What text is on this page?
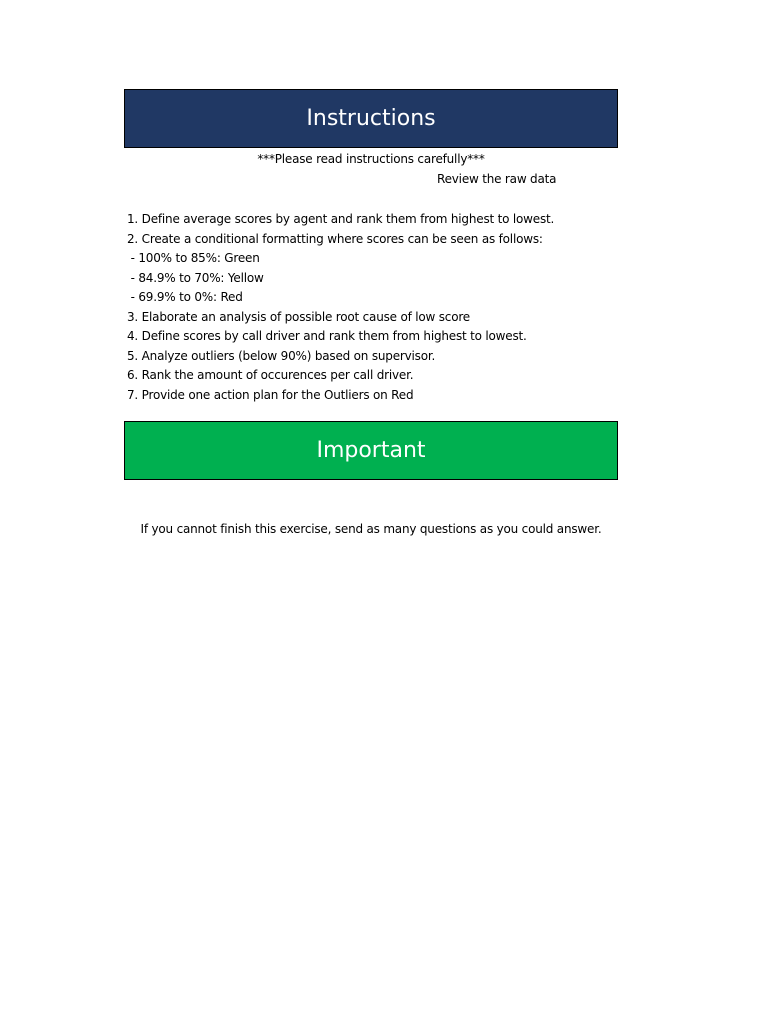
Instructions
***Please read instructions carefully***
Review the raw data
1. Define average scores by agent and rank them from highest to lowest.
2. Create a conditional formatting where scores can be seen as follows:
- 100% to 85%: Green
- 84.9% to 70%: Yellow
- 69.9% to 0%: Red
3. Elaborate an analysis of possible root cause of low score
4. Define scores by call driver and rank them from highest to lowest.
5. Analyze outliers (below 90%) based on supervisor.
6. Rank the amount of occurences per call driver.
7. Provide one action plan for the Outliers on Red
Important
If you cannot finish this exercise, send as many questions as you could answer.
